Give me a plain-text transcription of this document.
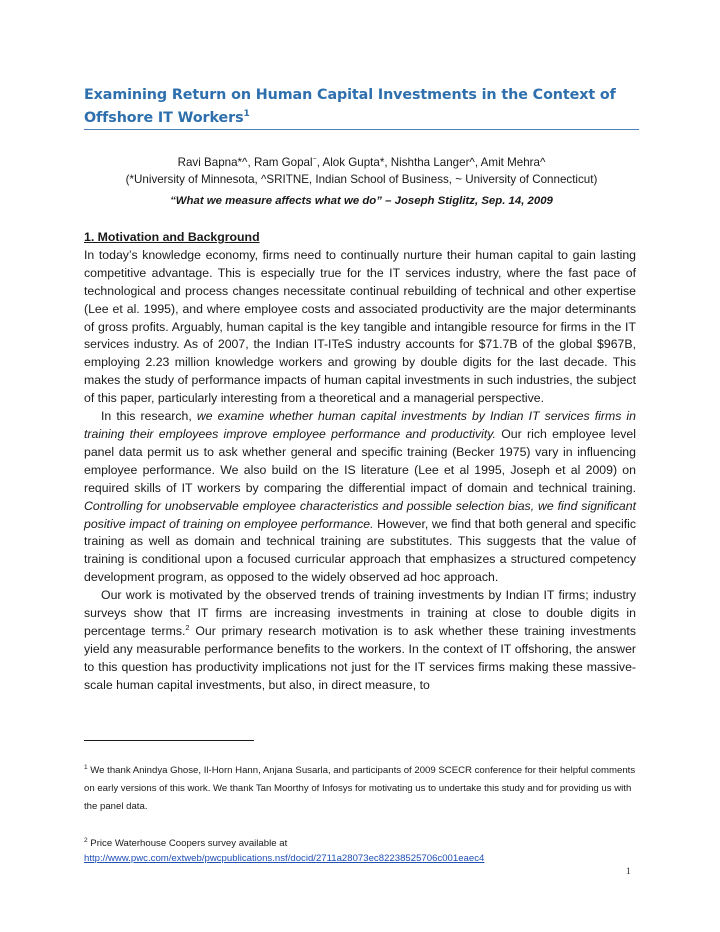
Examining Return on Human Capital Investments in the Context of Offshore IT Workers$^1$
Ravi Bapna*^, Ram Gopal~, Alok Gupta*, Nishtha Langer^, Amit Mehra^
(*University of Minnesota, ^SRITNE, Indian School of Business, ~ University of Connecticut)
“What we measure affects what we do” – Joseph Stiglitz, Sep. 14, 2009

1. Motivation and Background

In today’s knowledge economy, firms need to continually nurture their human capital to gain lasting competitive advantage. This is especially true for the IT services industry, where the fast pace of technological and process changes necessitate continual rebuilding of technical and other expertise (Lee et al. 1995), and where employee costs and associated productivity are the major determinants of gross profits. Arguably, human capital is the key tangible and intangible resource for firms in the IT services industry. As of 2007, the Indian IT-ITeS industry accounts for $71.7B of the global $967B, employing 2.23 million knowledge workers and growing by double digits for the last decade. This makes the study of performance impacts of human capital investments in such industries, the subject of this paper, particularly interesting from a theoretical and a managerial perspective.

In this research, we examine whether human capital investments by Indian IT services firms in training their employees improve employee performance and productivity. Our rich employee level panel data permit us to ask whether general and specific training (Becker 1975) vary in influencing employee performance. We also build on the IS literature (Lee et al 1995, Joseph et al 2009) on required skills of IT workers by comparing the differential impact of domain and technical training. Controlling for unobservable employee characteristics and possible selection bias, we find significant positive impact of training on employee performance. However, we find that both general and specific training as well as domain and technical training are substitutes. This suggests that the value of training is conditional upon a focused curricular approach that emphasizes a structured competency development program, as opposed to the widely observed ad hoc approach.

Our work is motivated by the observed trends of training investments by Indian IT firms; industry surveys show that IT firms are increasing investments in training at close to double digits in percentage terms.$^2$ Our primary research motivation is to ask whether these training investments yield any measurable performance benefits to the workers. In the context of IT offshoring, the answer to this question has productivity implications not just for the IT services firms making these massive-scale human capital investments, but also, in direct measure, to

$^1$ We thank Anindya Ghose, Il-Horn Hann, Anjana Susarla, and participants of 2009 SCECR conference for their helpful comments on early versions of this work. We thank Tan Moorthy of Infosys for motivating us to undertake this study and for providing us with the panel data.

$^2$ Price Waterhouse Coopers survey available at
http://www.pwc.com/extweb/pwcpublications.nsf/docid/2711a28073ec82238525706c001eaec4

1
